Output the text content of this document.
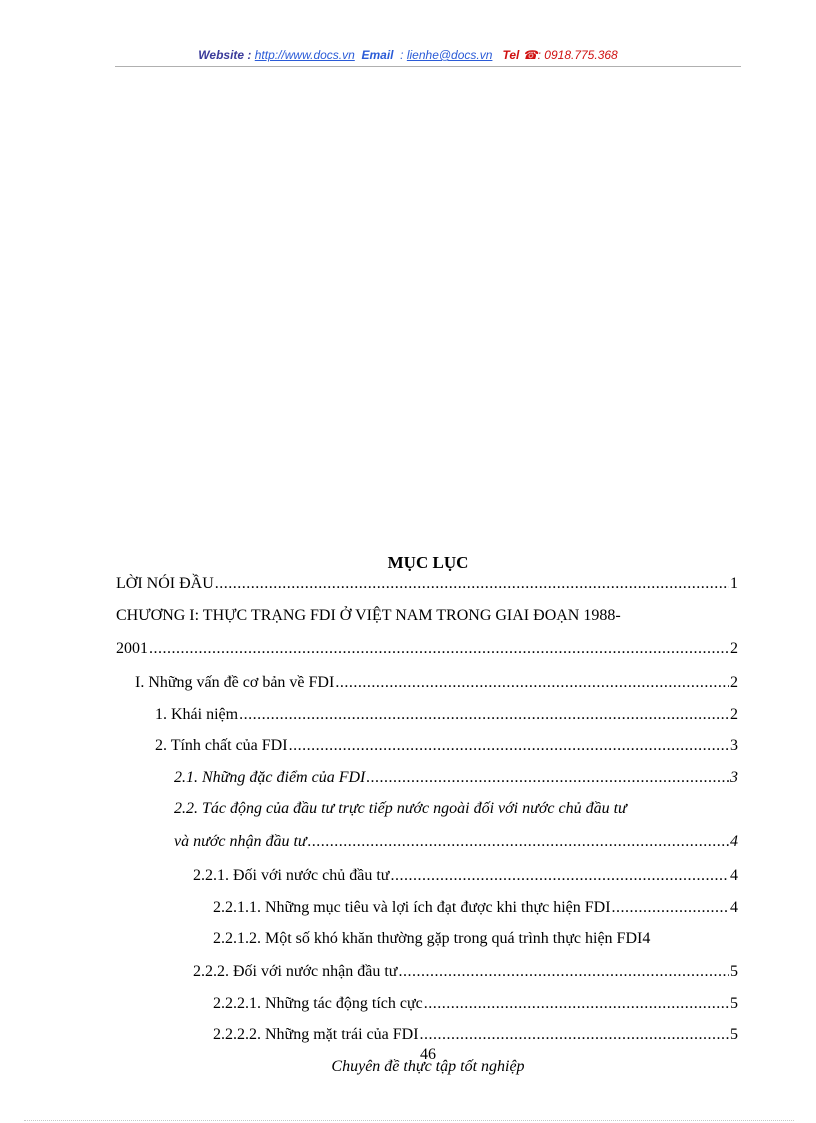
Website : http://www.docs.vn Email : lienhe@docs.vn Tel ☎: 0918.775.368
MỤC LỤC
LỜI NÓI ĐẦU .....	1
CHƯƠNG I: THỰC TRẠNG FDI Ở VIỆT NAM TRONG GIAI ĐOẠN 1988-
2001 .....	2
I. Những vấn đề cơ bản về FDI .....	2
1. Khái niệm .....	2
2. Tính chất của FDI .....	3
2.1. Những đặc điểm của FDI .....	3
2.2. Tác động của đầu tư trực tiếp nước ngoài đối với nước chủ đầu tư
và nước nhận đầu tư .....	4
2.2.1. Đối với nước chủ đầu tư .....	4
2.2.1.1. Những mục tiêu và lợi ích đạt được khi thực hiện FDI .....	4
2.2.1.2. Một số khó khăn thường gặp trong quá trình thực hiện FDI4
2.2.2. Đối với nước nhận đầu tư .....	5
2.2.2.1. Những tác động tích cực .....	5
2.2.2.2. Những mặt trái của FDI .....	5
46
Chuyên đề thực tập tốt nghiệp
